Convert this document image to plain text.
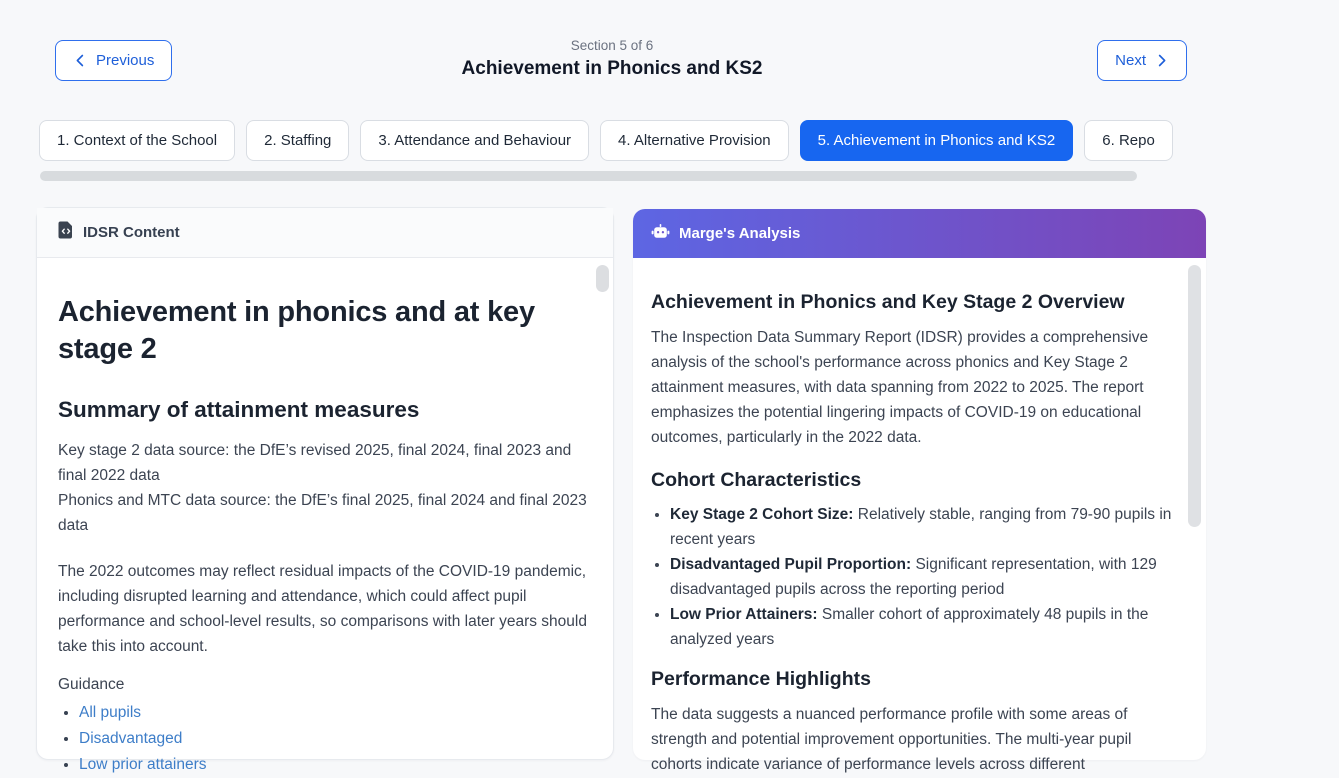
Previous
Section 5 of 6
Achievement in Phonics and KS2	Next
1. Context of the School	2. Staffing	3. Attendance and Behaviour	4. Alternative Provision	5. Achievement in Phonics and KS2	6. Repo
IDSR Content
Achievement in phonics and at key stage 2
Summary of attainment measures
Key stage 2 data source: the DfE’s revised 2025, final 2024, final 2023 and final 2022 data
Phonics and MTC data source: the DfE’s final 2025, final 2024 and final 2023 data

The 2022 outcomes may reflect residual impacts of the COVID-19 pandemic, including disrupted learning and attendance, which could affect pupil performance and school-level results, so comparisons with later years should take this into account.

Guidance
• All pupils
• Disadvantaged
• Low prior attainers
Marge's Analysis
Achievement in Phonics and Key Stage 2 Overview

The Inspection Data Summary Report (IDSR) provides a comprehensive analysis of the school's performance across phonics and Key Stage 2 attainment measures, with data spanning from 2022 to 2025. The report emphasizes the potential lingering impacts of COVID-19 on educational outcomes, particularly in the 2022 data.

Cohort Characteristics
• Key Stage 2 Cohort Size: Relatively stable, ranging from 79-90 pupils in recent years
• Disadvantaged Pupil Proportion: Significant representation, with 129 disadvantaged pupils across the reporting period
• Low Prior Attainers: Smaller cohort of approximately 48 pupils in the analyzed years
Performance Highlights

The data suggests a nuanced performance profile with some areas of strength and potential improvement opportunities. The multi-year pupil cohorts indicate variance of performance levels across different
